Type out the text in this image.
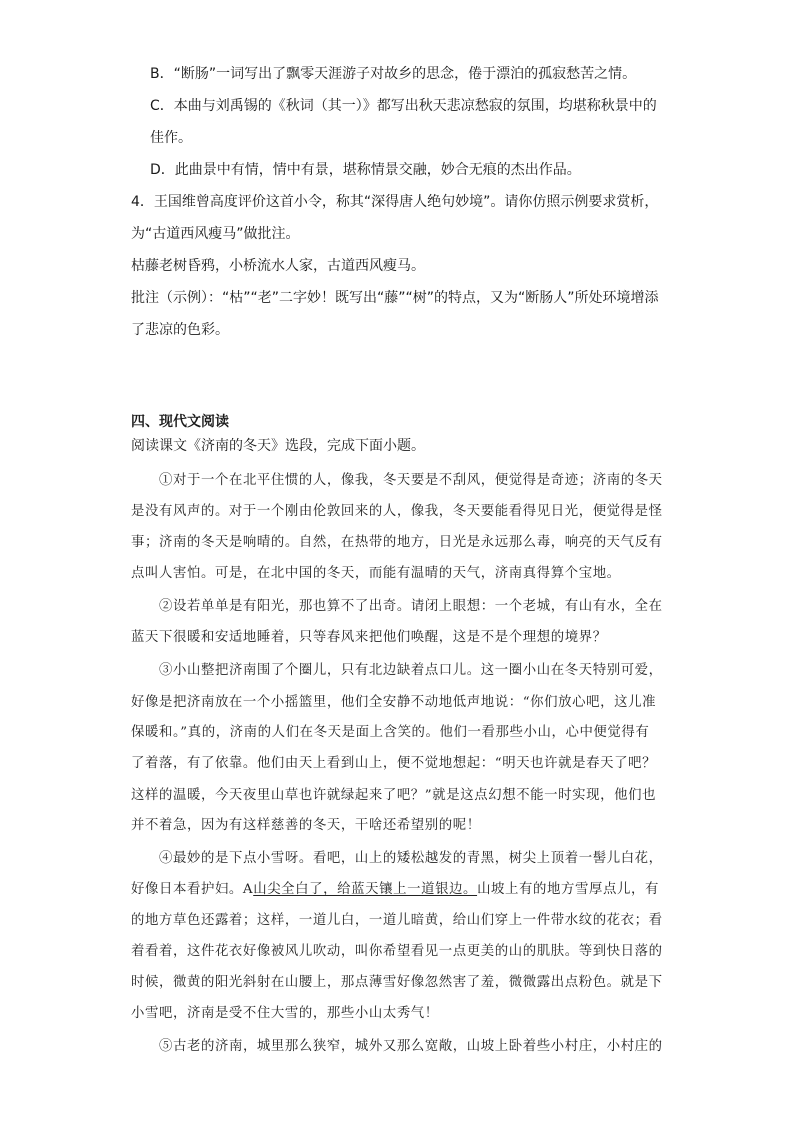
B．“断肠”一词写出了飘零天涯游子对故乡的思念，倦于漂泊的孤寂愁苦之情。
C．本曲与刘禹锡的《秋词（其一）》都写出秋天悲凉愁寂的氛围，均堪称秋景中的
佳作。
D．此曲景中有情，情中有景，堪称情景交融，妙合无痕的杰出作品。
4．王国维曾高度评价这首小令，称其“深得唐人绝句妙境”。请你仿照示例要求赏析，
为“古道西风瘦马”做批注。
枯藤老树昏鸦，小桥流水人家，古道西风瘦马。
批注（示例）：“枯”“老”二字妙！既写出“藤”“树”的特点，又为“断肠人”所处环境增添
了悲凉的色彩。
四、现代文阅读
阅读课文《济南的冬天》选段，完成下面小题。
①对于一个在北平住惯的人，像我，冬天要是不刮风，便觉得是奇迹；济南的冬天
是没有风声的。对于一个刚由伦敦回来的人，像我，冬天要能看得见日光，便觉得是怪
事；济南的冬天是响晴的。自然，在热带的地方，日光是永远那么毒，响亮的天气反有
点叫人害怕。可是，在北中国的冬天，而能有温晴的天气，济南真得算个宝地。
②设若单单是有阳光，那也算不了出奇。请闭上眼想：一个老城，有山有水，全在
蓝天下很暖和安适地睡着，只等春风来把他们唤醒，这是不是个理想的境界？
③小山整把济南围了个圈儿，只有北边缺着点口儿。这一圈小山在冬天特别可爱，
好像是把济南放在一个小摇篮里，他们全安静不动地低声地说：“你们放心吧，这儿准
保暖和。”真的，济南的人们在冬天是面上含笑的。他们一看那些小山，心中便觉得有
了着落，有了依靠。他们由天上看到山上，便不觉地想起：“明天也许就是春天了吧？
这样的温暖，今天夜里山草也许就绿起来了吧？”就是这点幻想不能一时实现，他们也
并不着急，因为有这样慈善的冬天，干啥还希望别的呢！
④最妙的是下点小雪呀。看吧，山上的矮松越发的青黑，树尖上顶着一髻儿白花，
好像日本看护妇。A山尖全白了，给蓝天镶上一道银边。山坡上有的地方雪厚点儿，有
的地方草色还露着；这样，一道儿白，一道儿暗黄，给山们穿上一件带水纹的花衣；看
着看着，这件花衣好像被风儿吹动，叫你希望看见一点更美的山的肌肤。等到快日落的
时候，微黄的阳光斜射在山腰上，那点薄雪好像忽然害了羞，微微露出点粉色。就是下
小雪吧，济南是受不住大雪的，那些小山太秀气！
⑤古老的济南，城里那么狭窄，城外又那么宽敞，山坡上卧着些小村庄，小村庄的
